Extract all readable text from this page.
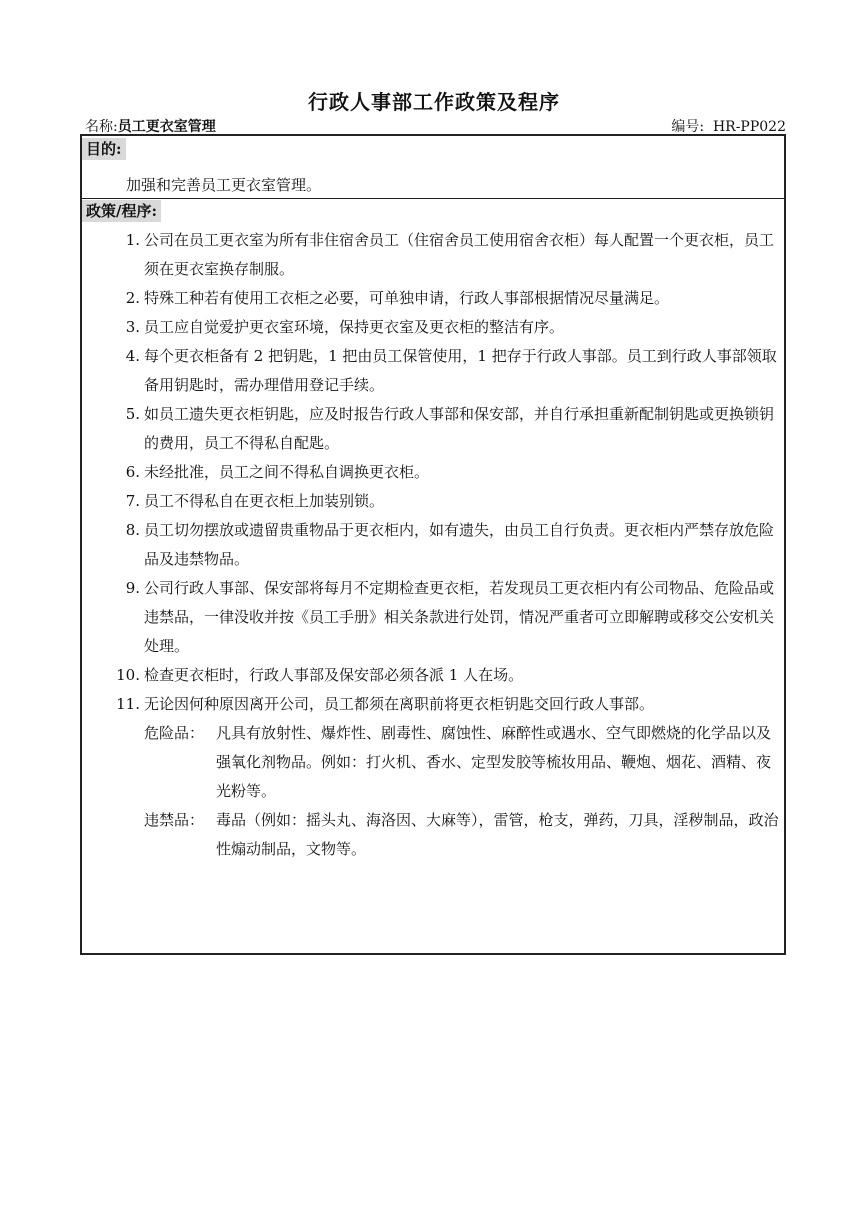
行政人事部工作政策及程序
名称:员工更衣室管理	编号: HR-PP022
目的:
加强和完善员工更衣室管理。
政策/程序:
1. 公司在员工更衣室为所有非住宿舍员工（住宿舍员工使用宿舍衣柜）每人配置一个更衣柜，员工须在更衣室换存制服。
2. 特殊工种若有使用工衣柜之必要，可单独申请，行政人事部根据情况尽量满足。
3. 员工应自觉爱护更衣室环境，保持更衣室及更衣柜的整洁有序。
4. 每个更衣柜备有 2 把钥匙，1 把由员工保管使用，1 把存于行政人事部。员工到行政人事部领取备用钥匙时，需办理借用登记手续。
5. 如员工遗失更衣柜钥匙，应及时报告行政人事部和保安部，并自行承担重新配制钥匙或更换锁钥的费用，员工不得私自配匙。
6. 未经批准，员工之间不得私自调换更衣柜。
7. 员工不得私自在更衣柜上加装别锁。
8. 员工切勿摆放或遗留贵重物品于更衣柜内，如有遗失，由员工自行负责。更衣柜内严禁存放危险品及违禁物品。
9. 公司行政人事部、保安部将每月不定期检查更衣柜，若发现员工更衣柜内有公司物品、危险品或违禁品，一律没收并按《员工手册》相关条款进行处罚，情况严重者可立即解聘或移交公安机关处理。
10. 检查更衣柜时，行政人事部及保安部必须各派 1 人在场。
11. 无论因何种原因离开公司，员工都须在离职前将更衣柜钥匙交回行政人事部。
危险品： 凡具有放射性、爆炸性、剧毒性、腐蚀性、麻醉性或遇水、空气即燃烧的化学品以及强氧化剂物品。例如：打火机、香水、定型发胶等梳妆用品、鞭炮、烟花、酒精、夜光粉等。
违禁品： 毒品（例如：摇头丸、海洛因、大麻等），雷管，枪支，弹药，刀具，淫秽制品，政治性煽动制品，文物等。
